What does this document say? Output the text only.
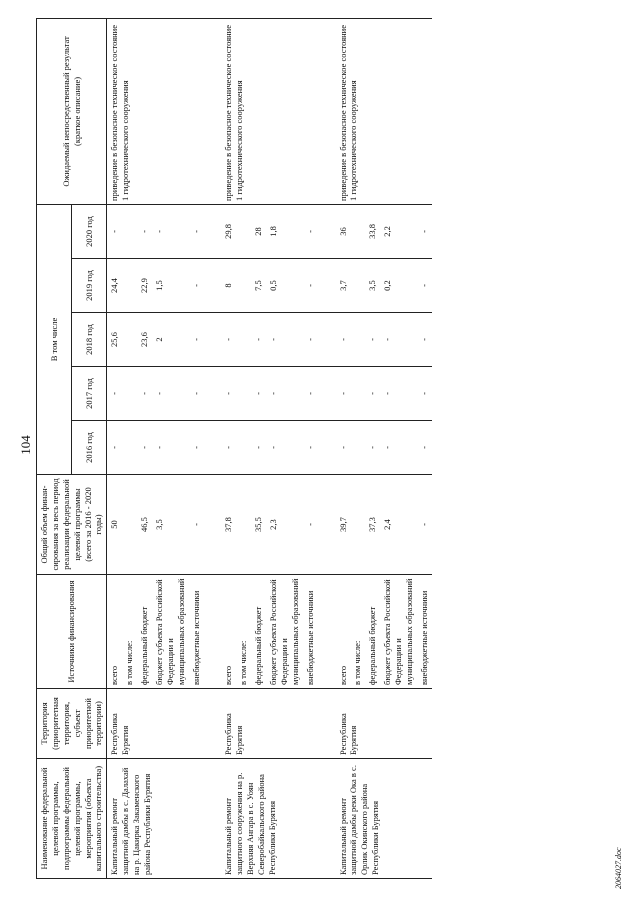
104
Наименование федеральной целевой программы, подпрограммы федеральной целевой программы, мероприятия (объекта капитального строительства)	Территория (приоритетная территория, субъект приоритетной территории)	Источники финансирования	Общий объем финан-сирования за весь период реализации федеральной целевой программы (всего за 2016 - 2020 годы)	В том числе					Ожидаемый непосредственный результат (краткое описание)
				2016 год	2017 год	2018 год	2019 год	2020 год	
Капитальный ремонт защитной дамбы в с. Далахай на р. Цакирка Закаменского района Республики Бурятия	Республика Бурятия	всего	50	-	-	25,6	24,4	-	приведение в безопасное техническое состояние 1 гидротехнического сооружения
		в том числе:							
		федеральный бюджет	46,5	-	-	23,6	22,9	-	
		бюджет субъекта Российской Федерации и муниципальных образований	3,5	-	-	2	1,5	-	
		внебюджетные источники	-	-	-	-	-	-	

Капитальный ремонт защитного сооружения на р. Верхняя Ангара в с. Уоян Северобайкальского района Республики Бурятия	Республика Бурятия	всего	37,8	-	-	-	8	29,8	приведение в безопасное техническое состояние 1 гидротехнического сооружения
		в том числе:							
		федеральный бюджет	35,5	-	-	-	7,5	28	
		бюджет субъекта Российской Федерации и муниципальных образований	2,3	-	-	-	0,5	1,8	
		внебюджетные источники	-	-	-	-	-	-	

Капитальный ремонт защитной дамбы реки Ока в с. Орлик Окинского района Республики Бурятия	Республика Бурятия	всего	39,7	-	-	-	3,7	36	приведение в безопасное техническое состояние 1 гидротехнического сооружения
		в том числе:							
		федеральный бюджет	37,3	-	-	-	3,5	33,8	
		бюджет субъекта Российской Федерации и муниципальных образований	2,4	-	-	-	0,2	2,2	
		внебюджетные источники	-	-	-	-	-	-	
2064027.doc
